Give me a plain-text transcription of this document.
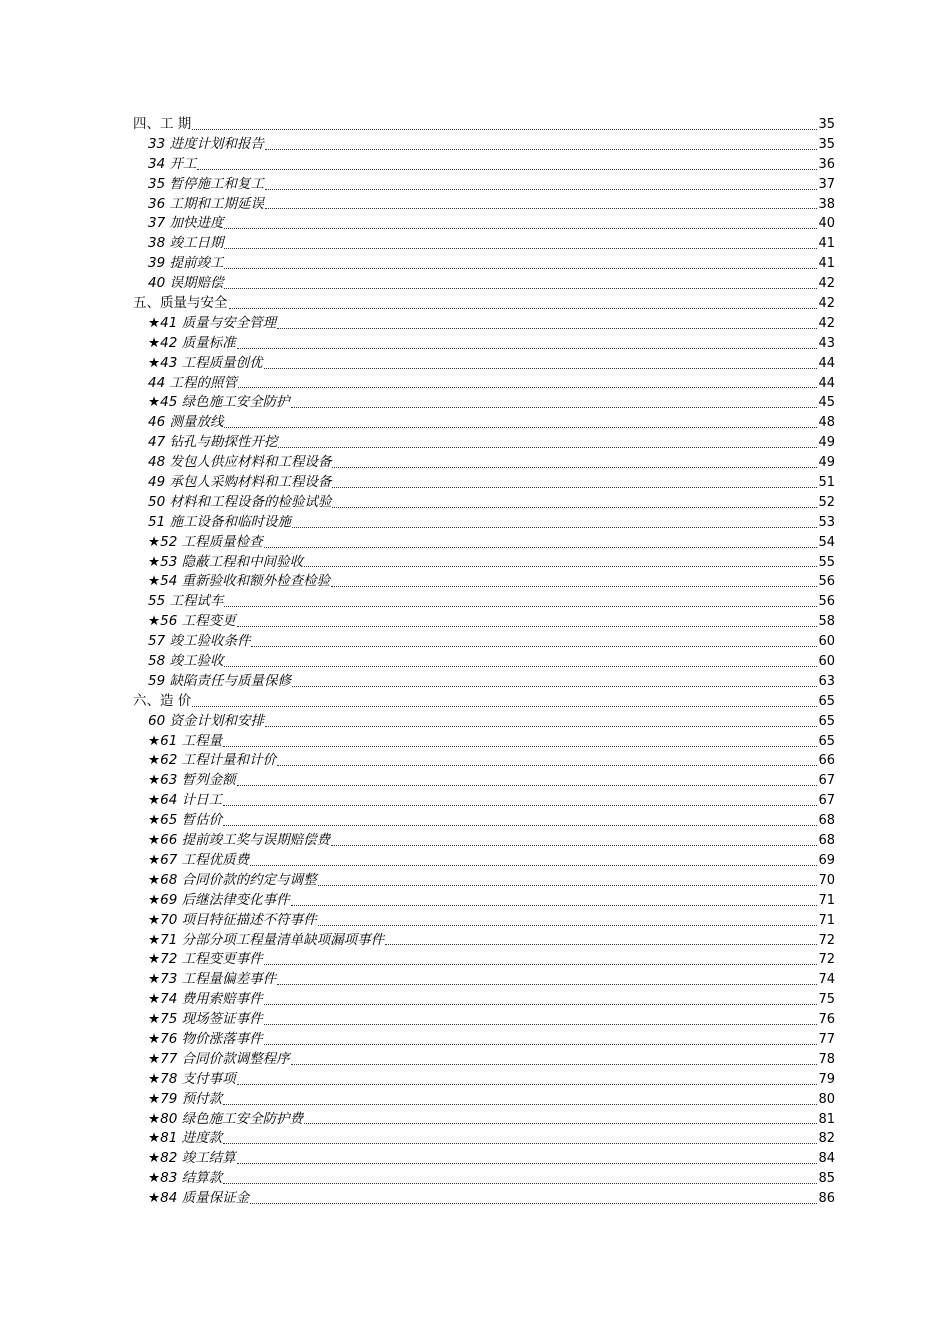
四、工 期	35
33 进度计划和报告	35
34 开工	36
35 暂停施工和复工	37
36 工期和工期延误	38
37 加快进度	40
38 竣工日期	41
39 提前竣工	41
40 误期赔偿	42
五、质量与安全	42
★41 质量与安全管理	42
★42 质量标准	43
★43 工程质量创优	44
44 工程的照管	44
★45 绿色施工安全防护	45
46 测量放线	48
47 钻孔与勘探性开挖	49
48 发包人供应材料和工程设备	49
49 承包人采购材料和工程设备	51
50 材料和工程设备的检验试验	52
51 施工设备和临时设施	53
★52 工程质量检查	54
★53 隐蔽工程和中间验收	55
★54 重新验收和额外检查检验	56
55 工程试车	56
★56 工程变更	58
57 竣工验收条件	60
58 竣工验收	60
59 缺陷责任与质量保修	63
六、造 价	65
60 资金计划和安排	65
★61 工程量	65
★62 工程计量和计价	66
★63 暂列金额	67
★64 计日工	67
★65 暂估价	68
★66 提前竣工奖与误期赔偿费	68
★67 工程优质费	69
★68 合同价款的约定与调整	70
★69 后继法律变化事件	71
★70 项目特征描述不符事件	71
★71 分部分项工程量清单缺项漏项事件	72
★72 工程变更事件	72
★73 工程量偏差事件	74
★74 费用索赔事件	75
★75 现场签证事件	76
★76 物价涨落事件	77
★77 合同价款调整程序	78
★78 支付事项	79
★79 预付款	80
★80 绿色施工安全防护费	81
★81 进度款	82
★82 竣工结算	84
★83 结算款	85
★84 质量保证金	86
